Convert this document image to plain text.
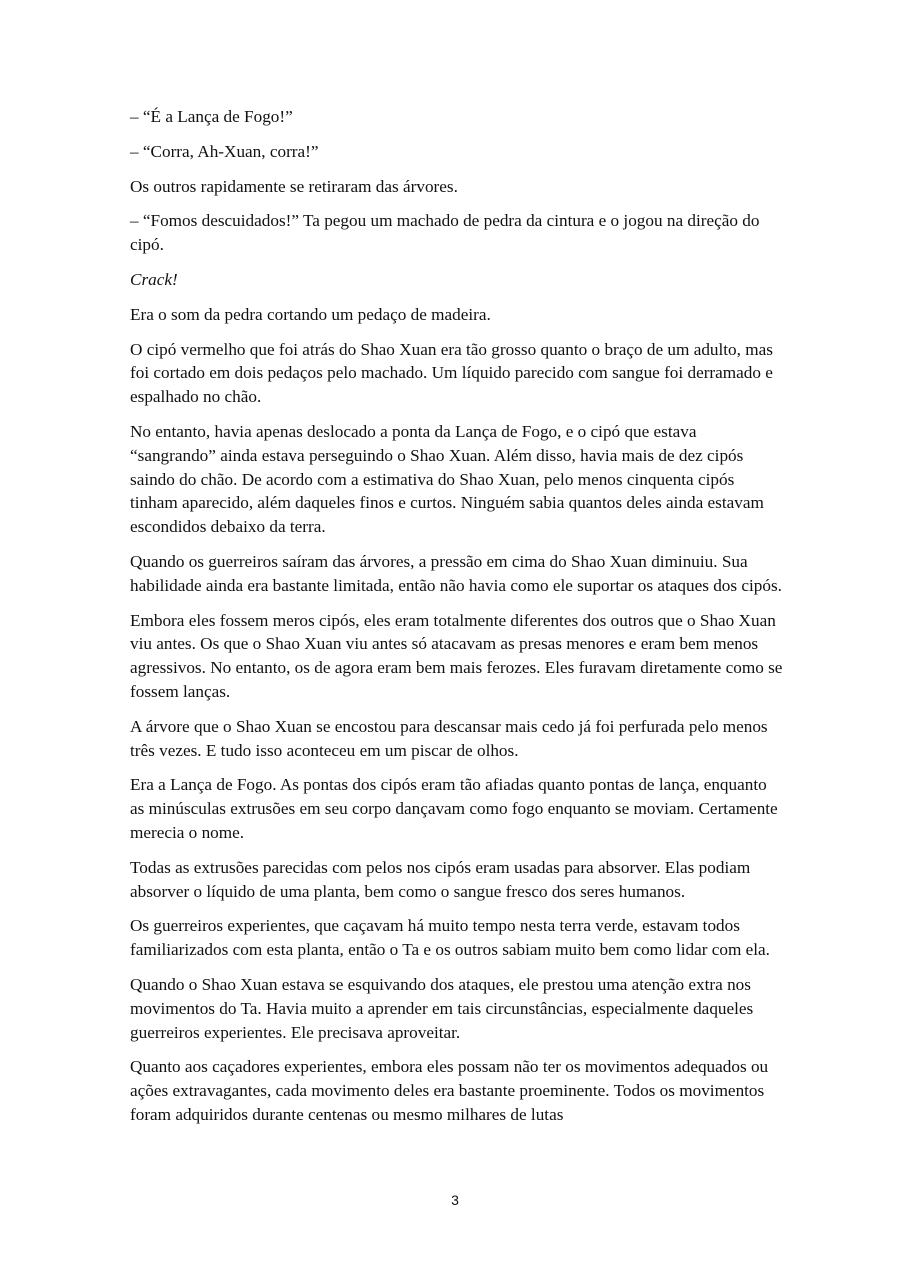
– “É a Lança de Fogo!”

– “Corra, Ah-Xuan, corra!”

Os outros rapidamente se retiraram das árvores.

– “Fomos descuidados!” Ta pegou um machado de pedra da cintura e o jogou na direção do cipó.

Crack!

Era o som da pedra cortando um pedaço de madeira.

O cipó vermelho que foi atrás do Shao Xuan era tão grosso quanto o braço de um adulto, mas foi cortado em dois pedaços pelo machado. Um líquido parecido com sangue foi derramado e espalhado no chão.

No entanto, havia apenas deslocado a ponta da Lança de Fogo, e o cipó que estava “sangrando” ainda estava perseguindo o Shao Xuan. Além disso, havia mais de dez cipós saindo do chão. De acordo com a estimativa do Shao Xuan, pelo menos cinquenta cipós tinham aparecido, além daqueles finos e curtos. Ninguém sabia quantos deles ainda estavam escondidos debaixo da terra.

Quando os guerreiros saíram das árvores, a pressão em cima do Shao Xuan diminuiu. Sua habilidade ainda era bastante limitada, então não havia como ele suportar os ataques dos cipós.

Embora eles fossem meros cipós, eles eram totalmente diferentes dos outros que o Shao Xuan viu antes. Os que o Shao Xuan viu antes só atacavam as presas menores e eram bem menos agressivos. No entanto, os de agora eram bem mais ferozes. Eles furavam diretamente como se fossem lanças.

A árvore que o Shao Xuan se encostou para descansar mais cedo já foi perfurada pelo menos três vezes. E tudo isso aconteceu em um piscar de olhos.

Era a Lança de Fogo. As pontas dos cipós eram tão afiadas quanto pontas de lança, enquanto as minúsculas extrusões em seu corpo dançavam como fogo enquanto se moviam. Certamente merecia o nome.

Todas as extrusões parecidas com pelos nos cipós eram usadas para absorver. Elas podiam absorver o líquido de uma planta, bem como o sangue fresco dos seres humanos.

Os guerreiros experientes, que caçavam há muito tempo nesta terra verde, estavam todos familiarizados com esta planta, então o Ta e os outros sabiam muito bem como lidar com ela.

Quando o Shao Xuan estava se esquivando dos ataques, ele prestou uma atenção extra nos movimentos do Ta. Havia muito a aprender em tais circunstâncias, especialmente daqueles guerreiros experientes. Ele precisava aproveitar.

Quanto aos caçadores experientes, embora eles possam não ter os movimentos adequados ou ações extravagantes, cada movimento deles era bastante proeminente. Todos os movimentos foram adquiridos durante centenas ou mesmo milhares de lutas

3
